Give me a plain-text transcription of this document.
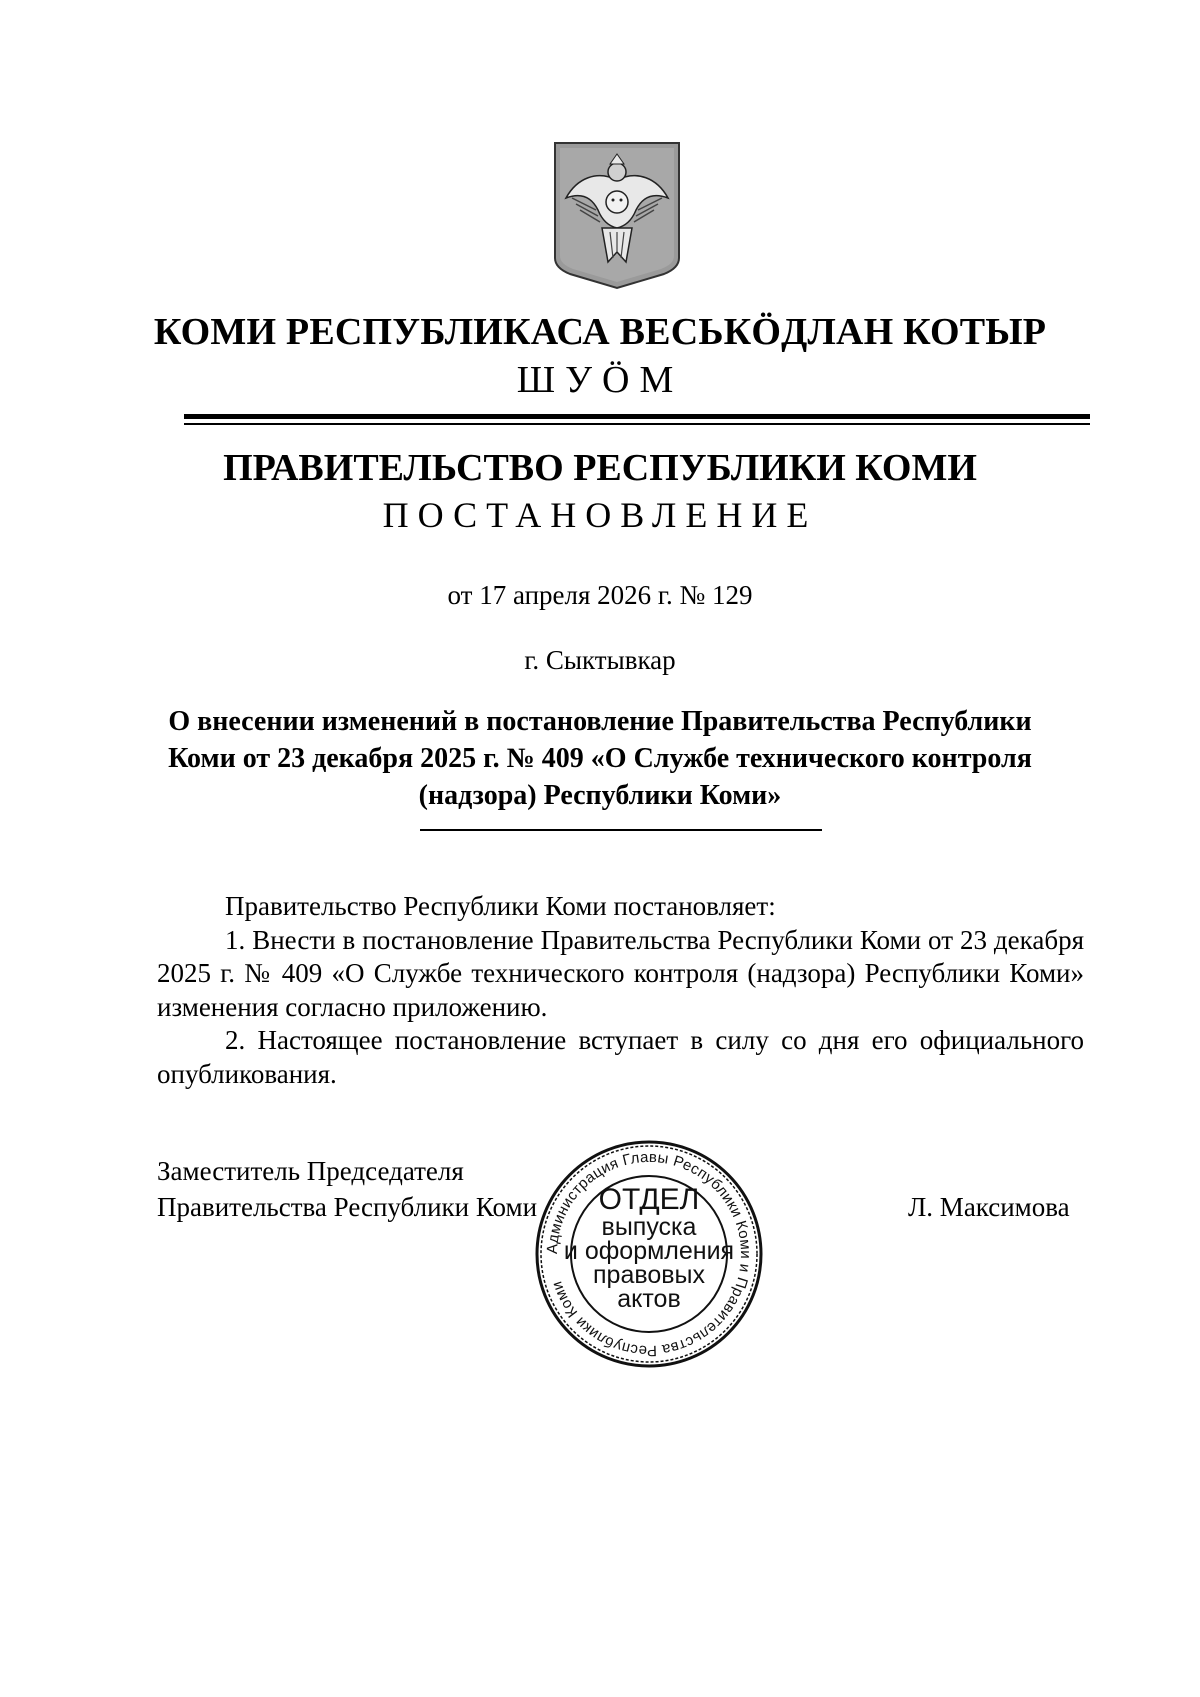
КОМИ РЕСПУБЛИКАСА ВЕСЬКӦДЛАН КОТЫР
ШУӦМ
ПРАВИТЕЛЬСТВО РЕСПУБЛИКИ КОМИ
ПОСТАНОВЛЕНИЕ
от 17 апреля 2026 г. № 129
г. Сыктывкар
О внесении изменений в постановление Правительства Республики
Коми от 23 декабря 2025 г. № 409 «О Службе технического контроля
(надзора) Республики Коми»

Правительство Республики Коми постановляет:

1. Внести в постановление Правительства Республики Коми от 23 декабря 2025 г. № 409 «О Службе технического контроля (надзора) Республики Коми» изменения согласно приложению.

2. Настоящее постановление вступает в силу со дня его официального опубликования.

Заместитель Председателя
Правительства Республики Коми	Л. Максимова
Администрация Главы Республики Коми и Правительства Республики Коми
ОТДЕЛ
выпуска
и оформления
правовых
актов
